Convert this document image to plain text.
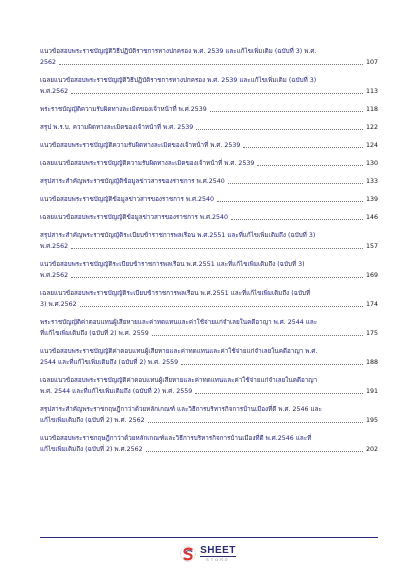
แนวข้อสอบพระราชบัญญัติวิธีปฏิบัติราชการทางปกครอง พ.ศ. 2539 และแก้ไขเพิ่มเติม (ฉบับที่ 3) พ.ศ.
2562	107
เฉลยแนวข้อสอบพระราชบัญญัติวิธีปฏิบัติราชการทางปกครอง พ.ศ. 2539 และแก้ไขเพิ่มเติม (ฉบับที่ 3)
พ.ศ.2562	113
พระราชบัญญัติความรับผิดทางละเมิดของเจ้าหน้าที่ พ.ศ.2539	118
สรุป พ.ร.บ. ความผิดทางละเมิดของเจ้าหน้าที่ พ.ศ. 2539	122
แนวข้อสอบพระราชบัญญัติความรับผิดทางละเมิดของเจ้าหน้าที่ พ.ศ. 2539	124
เฉลยแนวข้อสอบพระราชบัญญัติความรับผิดทางละเมิดของเจ้าหน้าที่ พ.ศ. 2539	130
สรุปสาระสำคัญพระราชบัญญัติข้อมูลข่าวสารของราชการ พ.ศ.2540	133
แนวข้อสอบพระราชบัญญัติข้อมูลข่าวสารของราชการ พ.ศ.2540	139
เฉลยแนวข้อสอบพระราชบัญญัติข้อมูลข่าวสารของราชการ พ.ศ.2540	146
สรุปสาระสำคัญพระราชบัญญัติระเบียบข้าราชการพลเรือน พ.ศ.2551 และที่แก้ไขเพิ่มเติมถึง (ฉบับที่ 3)
พ.ศ.2562	157
แนวข้อสอบพระราชบัญญัติระเบียบข้าราชการพลเรือน พ.ศ.2551 และที่แก้ไขเพิ่มเติมถึง (ฉบับที่ 3)
พ.ศ.2562	169
เฉลยแนวข้อสอบพระราชบัญญัติระเบียบข้าราชการพลเรือน พ.ศ.2551 และที่แก้ไขเพิ่มเติมถึง (ฉบับที่
3) พ.ศ.2562	174
พระราชบัญญัติค่าตอบแทนผู้เสียหายและค่าทดแทนและค่าใช้จ่ายแก่จำเลยในคดีอาญา พ.ศ. 2544 และ
ที่แก้ไขเพิ่มเติมถึง (ฉบับที่ 2) พ.ศ. 2559	175
แนวข้อสอบพระราชบัญญัติค่าตอบแทนผู้เสียหายและค่าทดแทนและค่าใช้จ่ายแก่จำเลยในคดีอาญา พ.ศ.
2544 และที่แก้ไขเพิ่มเติมถึง (ฉบับที่ 2) พ.ศ. 2559	188
เฉลยแนวข้อสอบพระราชบัญญัติค่าตอบแทนผู้เสียหายและค่าทดแทนและค่าใช้จ่ายแก่จำเลยในคดีอาญา
พ.ศ. 2544 และที่แก้ไขเพิ่มเติมถึง (ฉบับที่ 2) พ.ศ. 2559	191
สรุปสาระสำคัญพระราชกฤษฎีกาว่าด้วยหลักเกณฑ์ และวิธีการบริหารกิจการบ้านเมืองที่ดี พ.ศ. 2546 และ
แก้ไขเพิ่มเติมถึง (ฉบับที่ 2) พ.ศ. 2562	195
แนวข้อสอบพระราชกฤษฎีกาว่าด้วยหลักเกณฑ์และวิธีการบริหารกิจการบ้านเมืองที่ดี พ.ศ.2546 และที่
แก้ไขเพิ่มเติมถึง (ฉบับที่ 2) พ.ศ.2562	202
SHEET
STORE
